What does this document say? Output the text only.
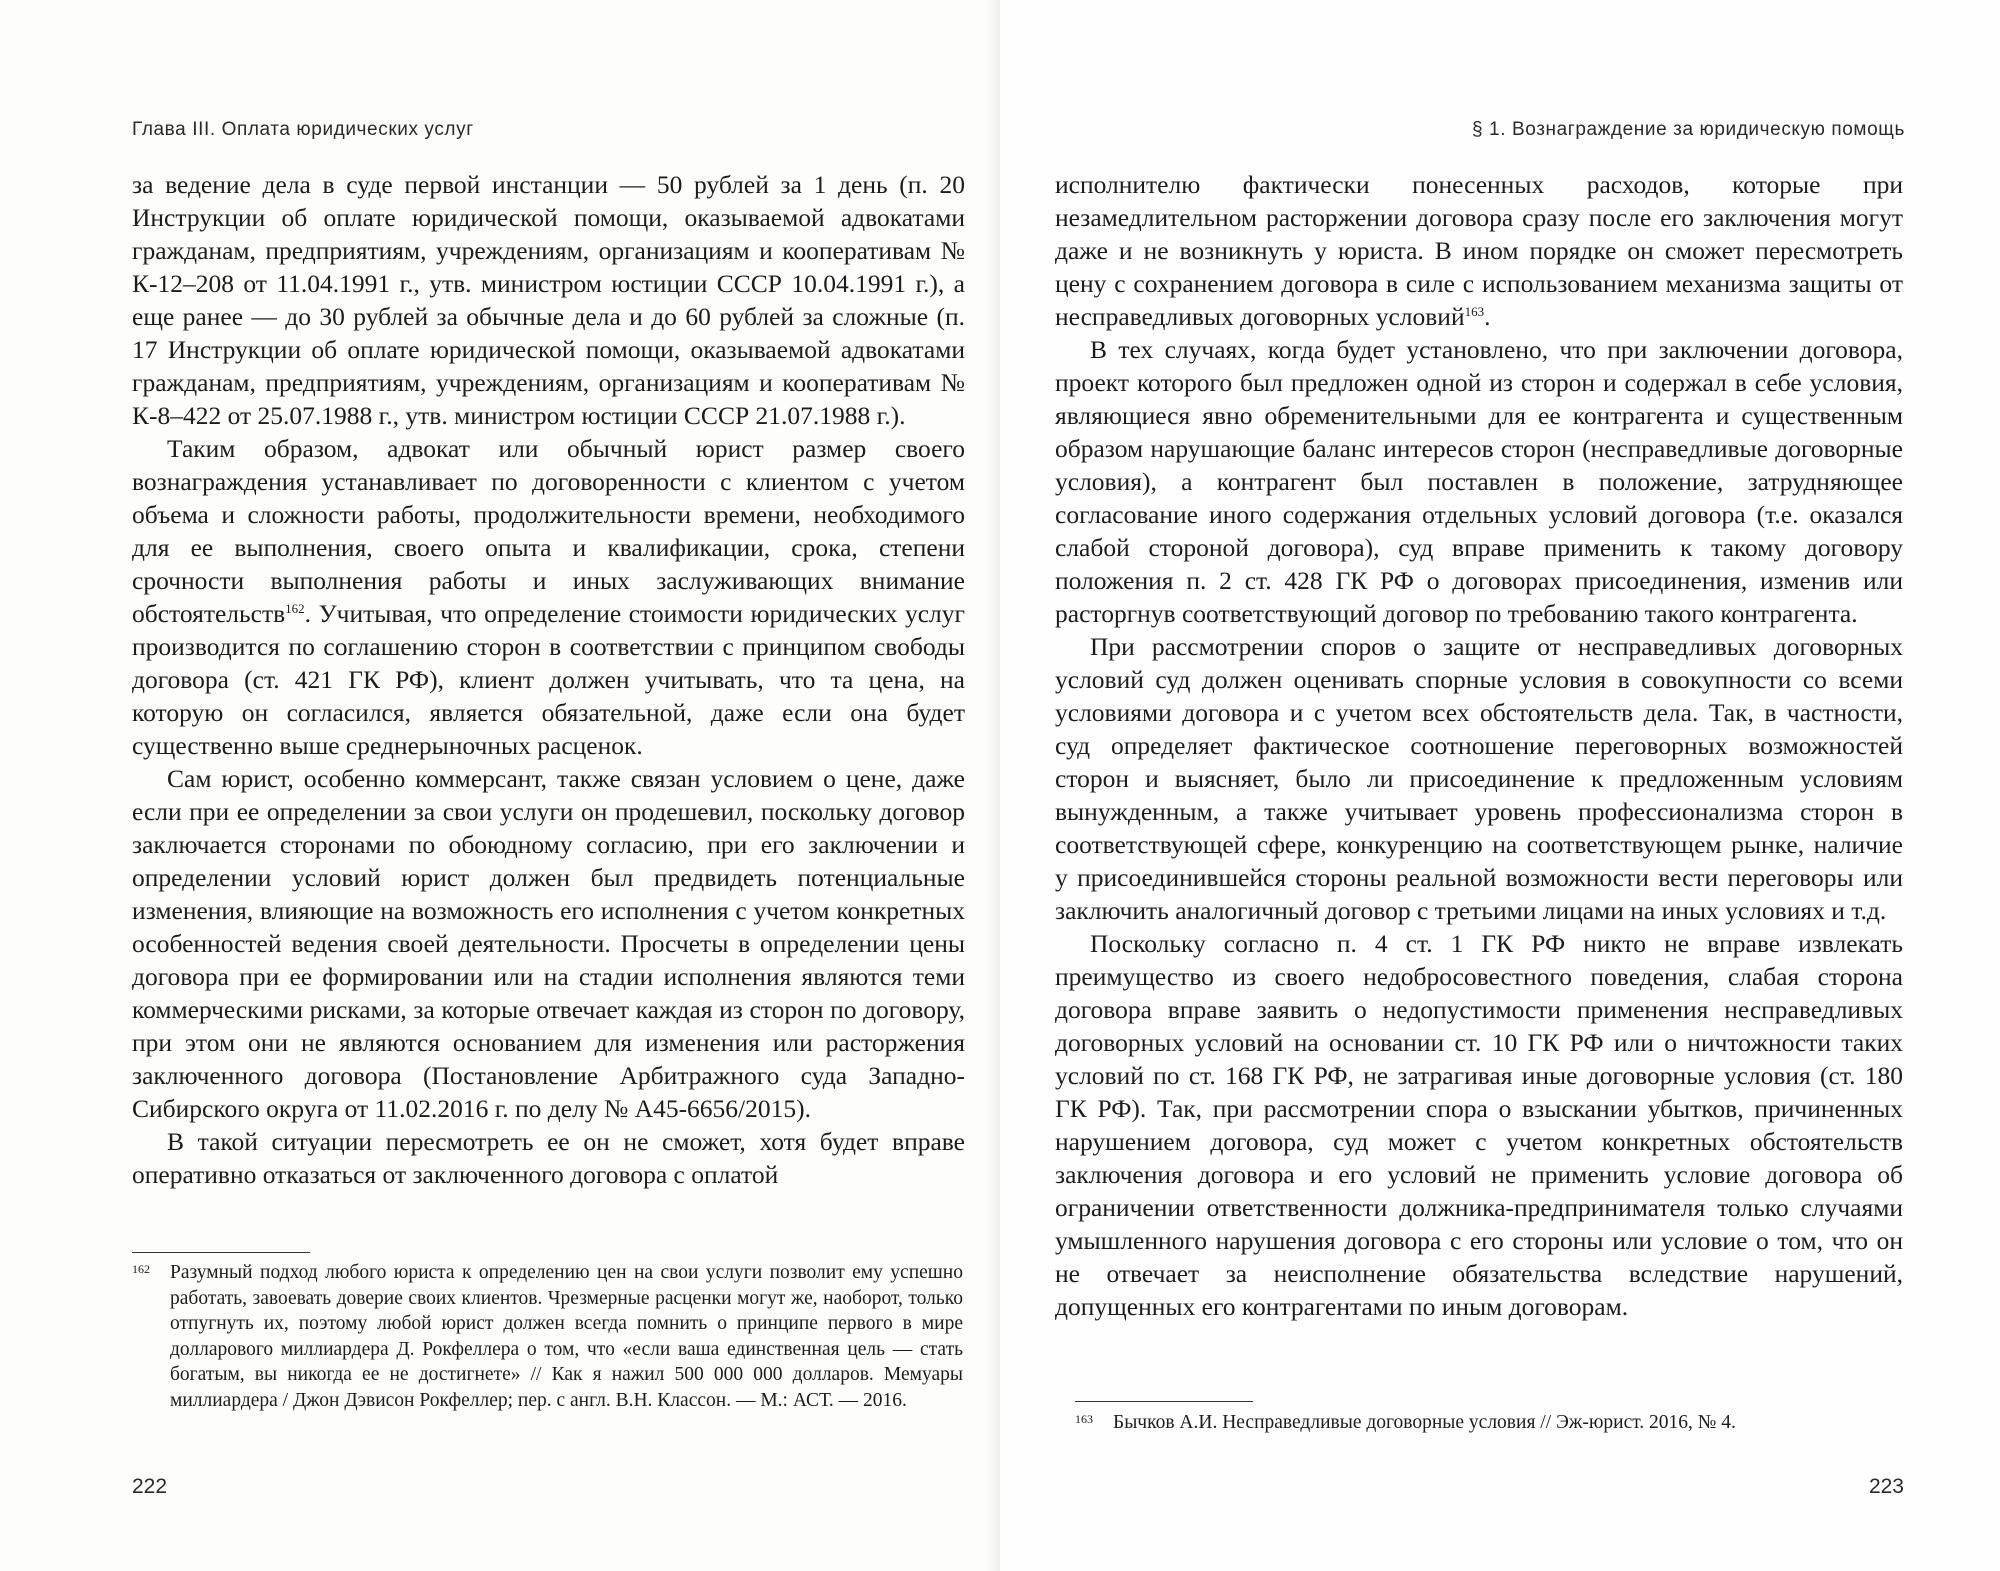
Глава III. Оплата юридических услуг

за ведение дела в суде первой инстанции — 50 рублей за 1 день (п. 20 Инструкции об оплате юридической помощи, оказываемой адвокатами гражданам, предприятиям, учреждениям, организациям и кооперативам № К-12–208 от 11.04.1991 г., утв. министром юстиции СССР 10.04.1991 г.), а еще ранее — до 30 рублей за обычные дела и до 60 рублей за сложные (п. 17 Инструкции об оплате юридической помощи, оказываемой адвокатами гражданам, предприятиям, учреждениям, организациям и кооперативам № К-8–422 от 25.07.1988 г., утв. министром юстиции СССР 21.07.1988 г.).

Таким образом, адвокат или обычный юрист размер своего вознаграждения устанавливает по договоренности с клиентом с учетом объема и сложности работы, продолжительности времени, необходимого для ее выполнения, своего опыта и квалификации, срока, степени срочности выполнения работы и иных заслуживающих внимание обстоятельств$^{162}$. Учитывая, что определение стоимости юридических услуг производится по соглашению сторон в соответствии с принципом свободы договора (ст. 421 ГК РФ), клиент должен учитывать, что та цена, на которую он согласился, является обязательной, даже если она будет существенно выше среднерыночных расценок.

Сам юрист, особенно коммерсант, также связан условием о цене, даже если при ее определении за свои услуги он продешевил, поскольку договор заключается сторонами по обоюдному согласию, при его заключении и определении условий юрист должен был предвидеть потенциальные изменения, влияющие на возможность его исполнения с учетом конкретных особенностей ведения своей деятельности. Просчеты в определении цены договора при ее формировании или на стадии исполнения являются теми коммерческими рисками, за которые отвечает каждая из сторон по договору, при этом они не являются основанием для изменения или расторжения заключенного договора (Постановление Арбитражного суда Западно-Сибирского округа от 11.02.2016 г. по делу № А45-6656/2015).

В такой ситуации пересмотреть ее он не сможет, хотя будет вправе оперативно отказаться от заключенного договора с оплатой

162 Разумный подход любого юриста к определению цен на свои услуги позволит ему успешно работать, завоевать доверие своих клиентов. Чрезмерные расценки могут же, наоборот, только отпугнуть их, поэтому любой юрист должен всегда помнить о принципе первого в мире долларового миллиардера Д. Рокфеллера о том, что «если ваша единственная цель — стать богатым, вы никогда ее не достигнете» // Как я нажил 500 000 000 долларов. Мемуары миллиардера / Джон Дэвисон Рокфеллер; пер. с англ. В.Н. Классон. — М.: АСТ. — 2016.
222
§ 1. Вознаграждение за юридическую помощь

исполнителю фактически понесенных расходов, которые при незамедлительном расторжении договора сразу после его заключения могут даже и не возникнуть у юриста. В ином порядке он сможет пересмотреть цену с сохранением договора в силе с использованием механизма защиты от несправедливых договорных условий$^{163}$.

В тех случаях, когда будет установлено, что при заключении договора, проект которого был предложен одной из сторон и содержал в себе условия, являющиеся явно обременительными для ее контрагента и существенным образом нарушающие баланс интересов сторон (несправедливые договорные условия), а контрагент был поставлен в положение, затрудняющее согласование иного содержания отдельных условий договора (т.е. оказался слабой стороной договора), суд вправе применить к такому договору положения п. 2 ст. 428 ГК РФ о договорах присоединения, изменив или расторгнув соответствующий договор по требованию такого контрагента.

При рассмотрении споров о защите от несправедливых договорных условий суд должен оценивать спорные условия в совокупности со всеми условиями договора и с учетом всех обстоятельств дела. Так, в частности, суд определяет фактическое соотношение переговорных возможностей сторон и выясняет, было ли присоединение к предложенным условиям вынужденным, а также учитывает уровень профессионализма сторон в соответствующей сфере, конкуренцию на соответствующем рынке, наличие у присоединившейся стороны реальной возможности вести переговоры или заключить аналогичный договор с третьими лицами на иных условиях и т.д.

Поскольку согласно п. 4 ст. 1 ГК РФ никто не вправе извлекать преимущество из своего недобросовестного поведения, слабая сторона договора вправе заявить о недопустимости применения несправедливых договорных условий на основании ст. 10 ГК РФ или о ничтожности таких условий по ст. 168 ГК РФ, не затрагивая иные договорные условия (ст. 180 ГК РФ). Так, при рассмотрении спора о взыскании убытков, причиненных нарушением договора, суд может с учетом конкретных обстоятельств заключения договора и его условий не применить условие договора об ограничении ответственности должника-предпринимателя только случаями умышленного нарушения договора с его стороны или условие о том, что он не отвечает за неисполнение обязательства вследствие нарушений, допущенных его контрагентами по иным договорам.

163 Бычков А.И. Несправедливые договорные условия // Эж-юрист. 2016, № 4.
223
